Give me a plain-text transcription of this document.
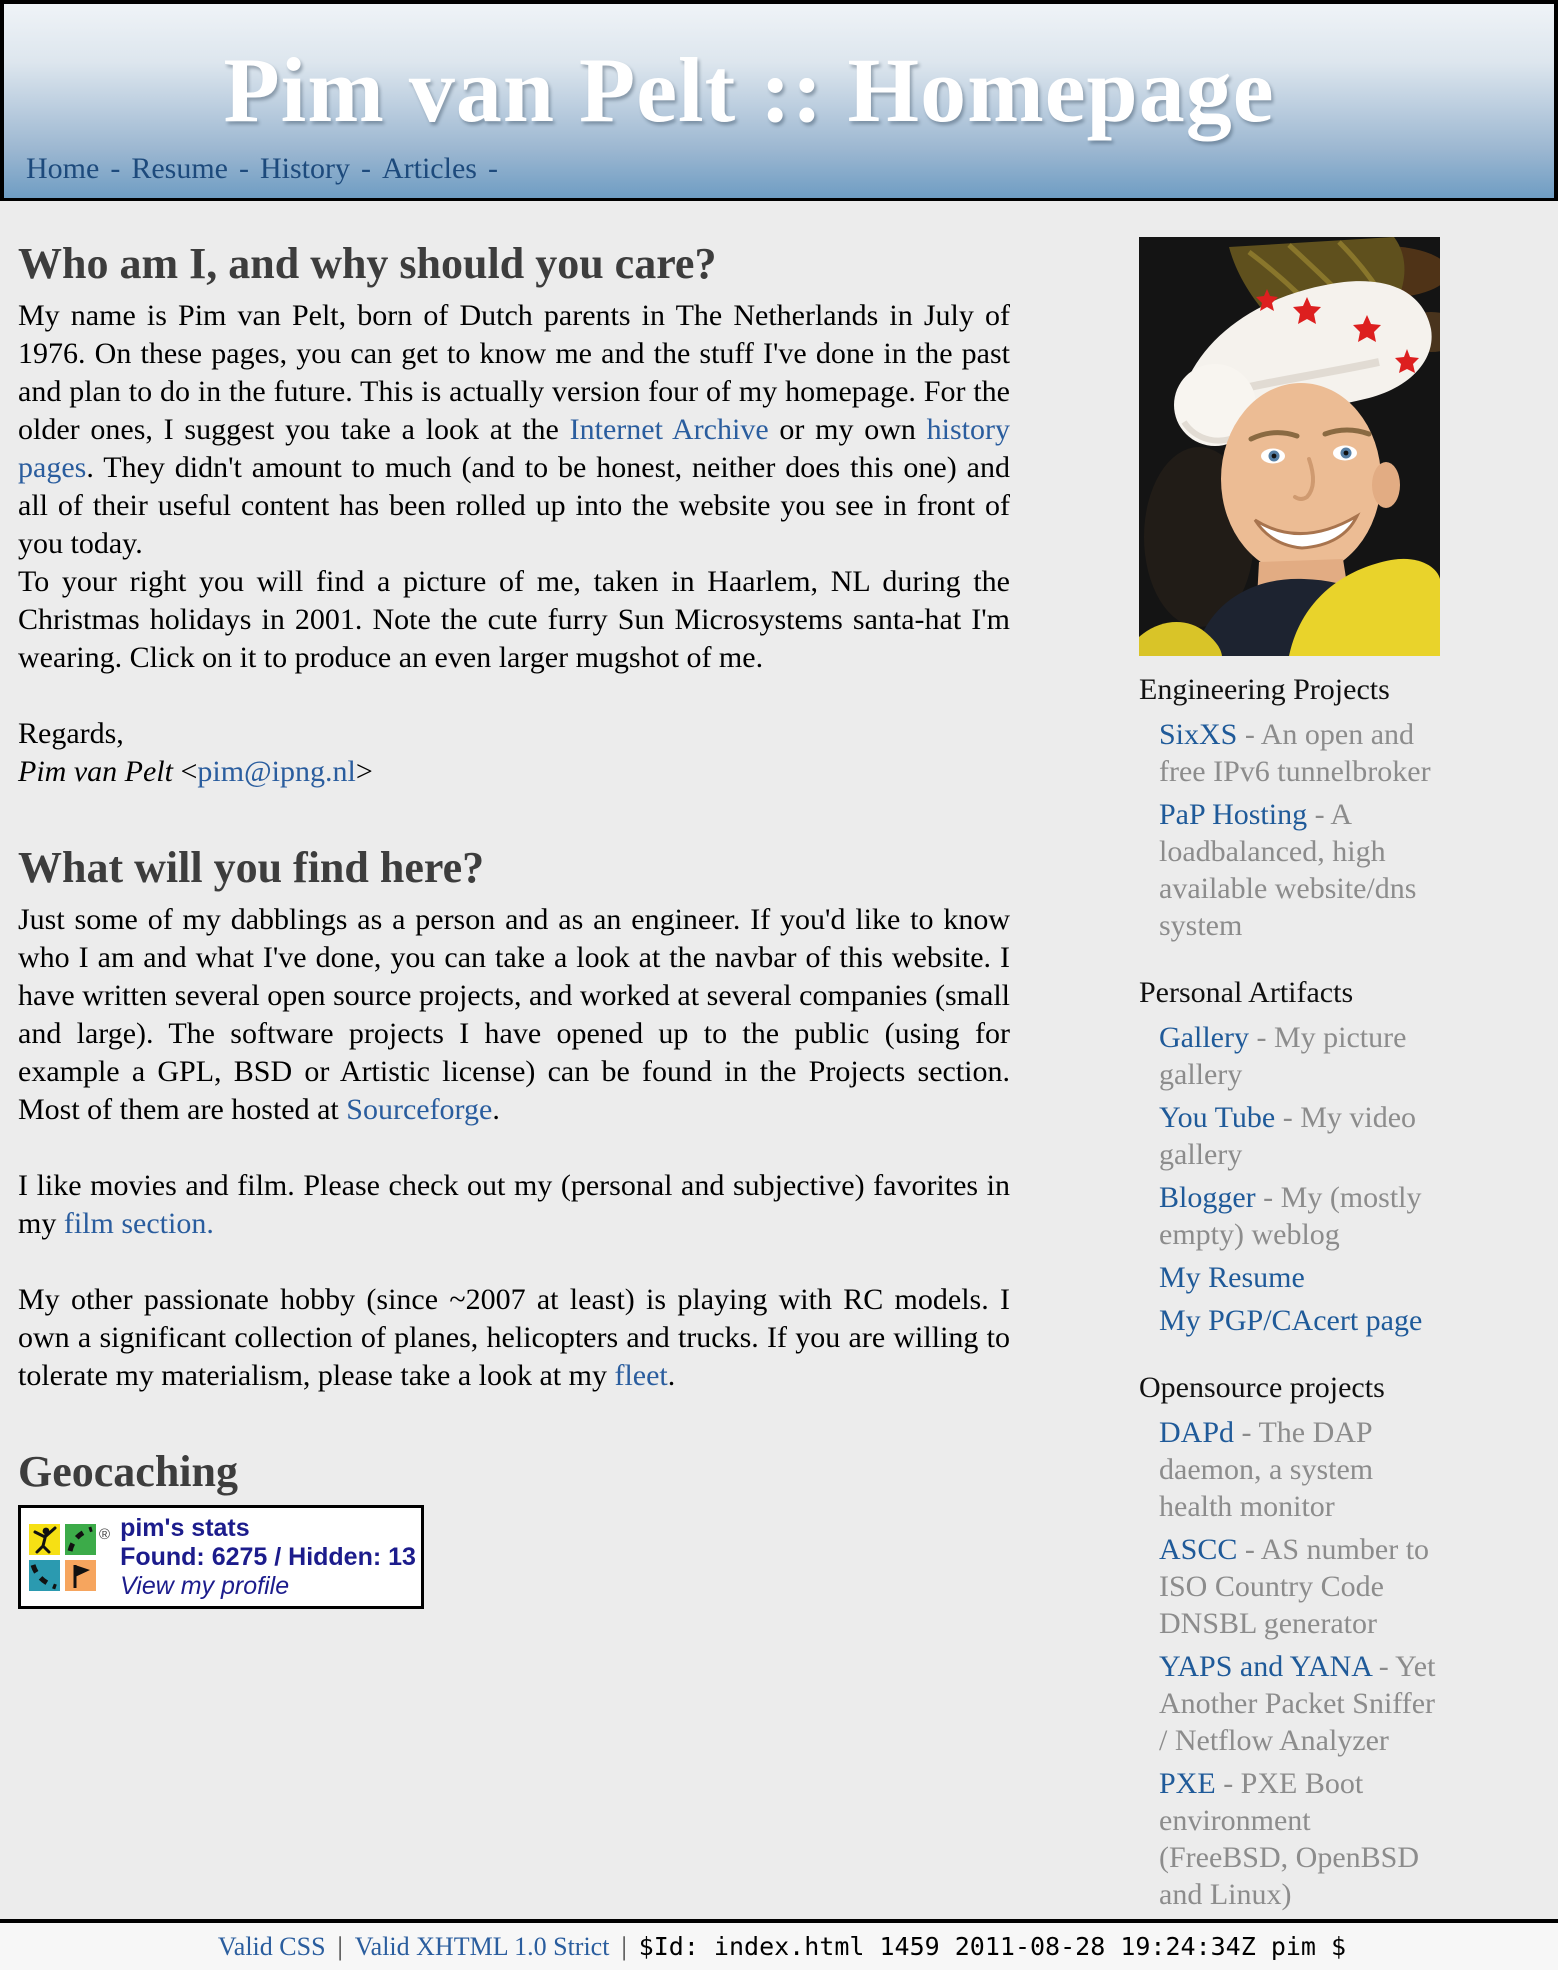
Pim van Pelt :: Homepage
Home - Resume - History - Articles -
Who am I, and why should you care?

My name is Pim van Pelt, born of Dutch parents in The Netherlands in July of 1976. On these pages, you can get to know me and the stuff I've done in the past and plan to do in the future. This is actually version four of my homepage. For the older ones, I suggest you take a look at the Internet Archive or my own history pages. They didn't amount to much (and to be honest, neither does this one) and all of their useful content has been rolled up into the website you see in front of you today.
To your right you will find a picture of me, taken in Haarlem, NL during the Christmas holidays in 2001. Note the cute furry Sun Microsystems santa-hat I'm wearing. Click on it to produce an even larger mugshot of me.

Regards,
Pim van Pelt <pim@ipng.nl>

What will you find here?

Just some of my dabblings as a person and as an engineer. If you'd like to know who I am and what I've done, you can take a look at the navbar of this website. I have written several open source projects, and worked at several companies (small and large). The software projects I have opened up to the public (using for example a GPL, BSD or Artistic license) can be found in the Projects section. Most of them are hosted at Sourceforge.

I like movies and film. Please check out my (personal and subjective) favorites in my film section.

My other passionate hobby (since ~2007 at least) is playing with RC models. I own a significant collection of planes, helicopters and trucks. If you are willing to tolerate my materialism, please take a look at my fleet.

Geocaching
® pim's stats
Found: 6275 / Hidden: 13
View my profile
Engineering Projects
SixXS - An open and free IPv6 tunnelbroker
PaP Hosting - A loadbalanced, high available website/dns system
Personal Artifacts
Gallery - My picture gallery
You Tube - My video gallery
Blogger - My (mostly empty) weblog
My Resume
My PGP/CAcert page
Opensource projects
DAPd - The DAP daemon, a system health monitor
ASCC - AS number to ISO Country Code DNSBL generator
YAPS and YANA - Yet Another Packet Sniffer / Netflow Analyzer
PXE - PXE Boot environment (FreeBSD, OpenBSD and Linux)
Valid CSS | Valid XHTML 1.0 Strict | $Id: index.html 1459 2011-08-28 19:24:34Z pim $
